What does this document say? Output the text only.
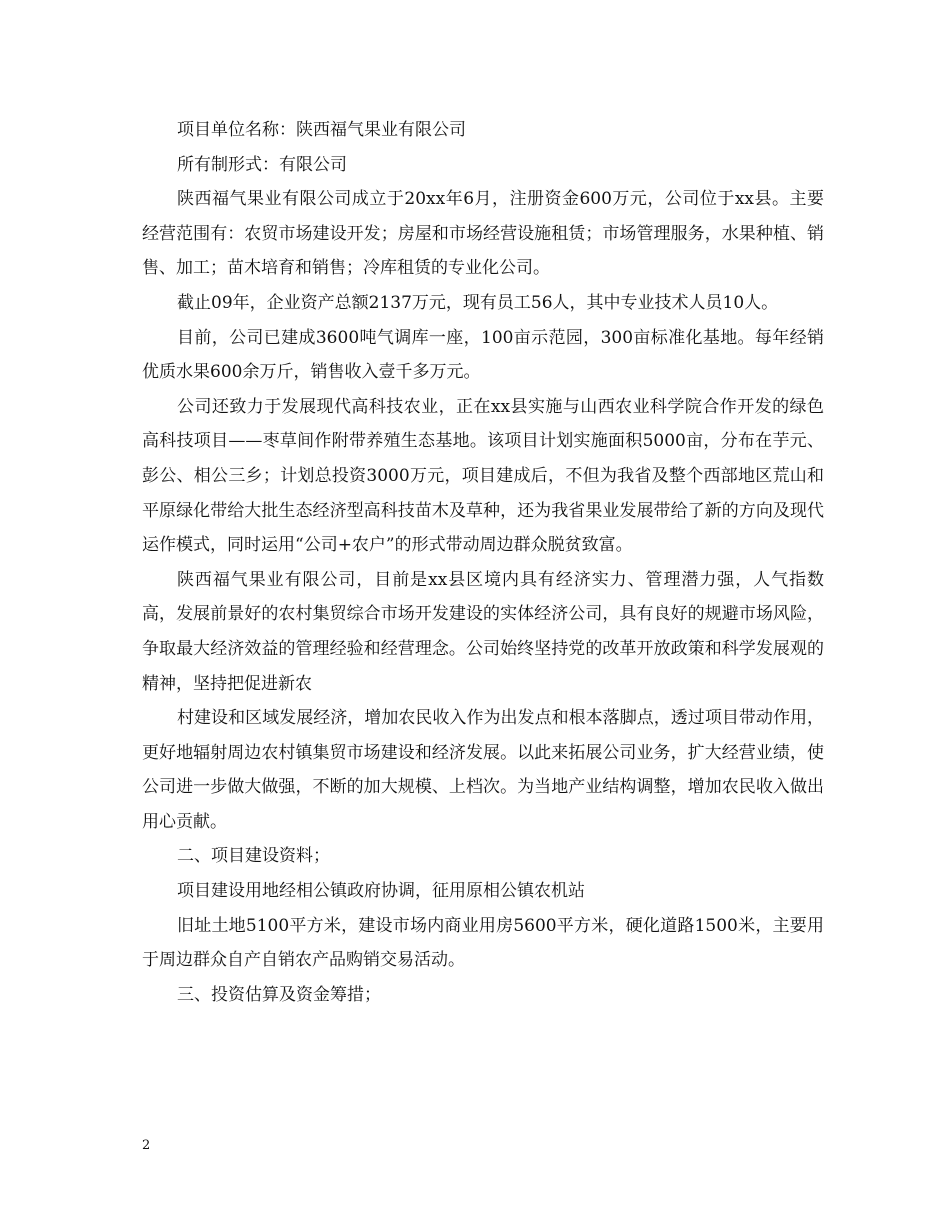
项目单位名称：陕西福气果业有限公司

所有制形式：有限公司

陕西福气果业有限公司成立于20xx年6月，注册资金600万元，公司位于xx县。主要经营范围有：农贸市场建设开发；房屋和市场经营设施租赁；市场管理服务，水果种植、销售、加工；苗木培育和销售；冷库租赁的专业化公司。

截止09年，企业资产总额2137万元，现有员工56人，其中专业技术人员10人。

目前，公司已建成3600吨气调库一座，100亩示范园，300亩标准化基地。每年经销优质水果600余万斤，销售收入壹千多万元。

公司还致力于发展现代高科技农业，正在xx县实施与山西农业科学院合作开发的绿色高科技项目——枣草间作附带养殖生态基地。该项目计划实施面积5000亩，分布在芋元、彭公、相公三乡；计划总投资3000万元，项目建成后，不但为我省及整个西部地区荒山和平原绿化带给大批生态经济型高科技苗木及草种，还为我省果业发展带给了新的方向及现代运作模式，同时运用“公司+农户”的形式带动周边群众脱贫致富。

陕西福气果业有限公司，目前是xx县区境内具有经济实力、管理潜力强，人气指数高，发展前景好的农村集贸综合市场开发建设的实体经济公司，具有良好的规避市场风险，争取最大经济效益的管理经验和经营理念。公司始终坚持党的改革开放政策和科学发展观的精神，坚持把促进新农

村建设和区域发展经济，增加农民收入作为出发点和根本落脚点，透过项目带动作用，更好地辐射周边农村镇集贸市场建设和经济发展。以此来拓展公司业务，扩大经营业绩，使公司进一步做大做强，不断的加大规模、上档次。为当地产业结构调整，增加农民收入做出用心贡献。

二、项目建设资料；

项目建设用地经相公镇政府协调，征用原相公镇农机站

旧址土地5100平方米，建设市场内商业用房5600平方米，硬化道路1500米，主要用于周边群众自产自销农产品购销交易活动。

三、投资估算及资金筹措；

2
